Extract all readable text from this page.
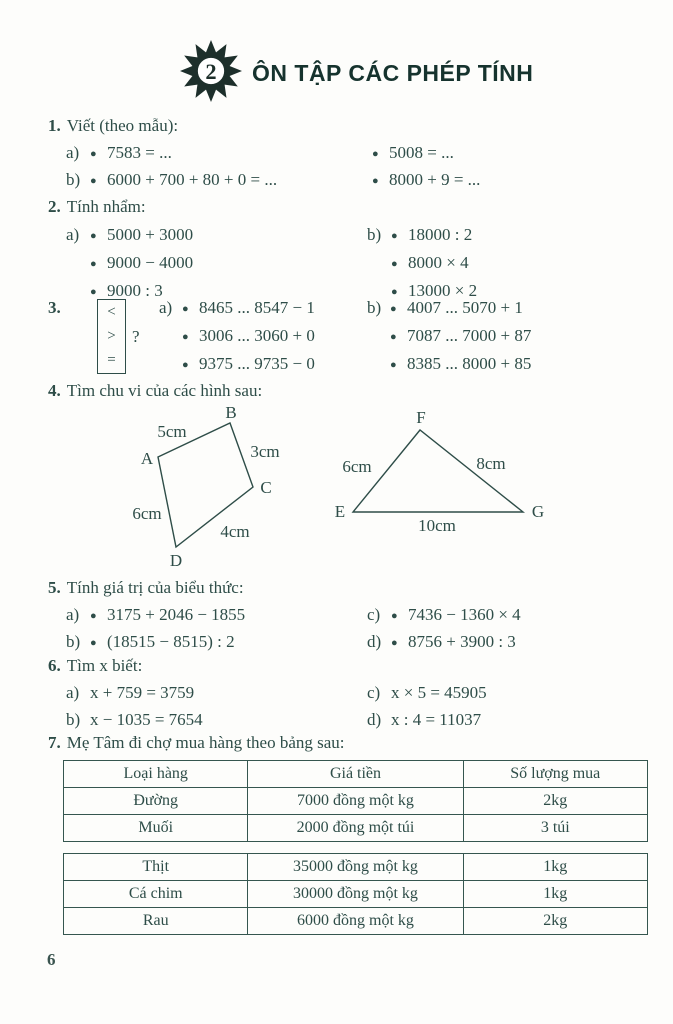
2 ÔN TẬP CÁC PHÉP TÍNH
1. Viết (theo mẫu):
a) ● 7583 = ...	● 5008 = ...
b) ● 6000 + 700 + 80 + 0 = ...	● 8000 + 9 = ...
2. Tính nhẩm:
a) ● 5000 + 3000	b) ● 18000 : 2
● 9000 − 4000	● 8000 × 4
● 9000 : 3	● 13000 × 2
3.	<
>
=
?
a) ● 8465 ... 8547 − 1
● 3006 ... 3060 + 0
● 9375 ... 9735 − 0
b) ● 4007 ... 5070 + 1
● 7087 ... 7000 + 87
● 8385 ... 8000 + 85
4. Tìm chu vi của các hình sau:
A
B
C
D
5cm
3cm
4cm
6cm
F
E	G
6cm	8cm
10cm
5. Tính giá trị của biểu thức:
a) ● 3175 + 2046 − 1855	c) ● 7436 − 1360 × 4
b) ● (18515 − 8515) : 2	d) ● 8756 + 3900 : 3
6. Tìm x biết:
a) x + 759 = 3759	c) x × 5 = 45905
b) x − 1035 = 7654	d) x : 4 = 11037
7. Mẹ Tâm đi chợ mua hàng theo bảng sau:
Loại hàng	Giá tiền	Số lượng mua
Đường	7000 đồng một kg	2kg
Muối	2000 đồng một túi	3 túi
Thịt	35000 đồng một kg	1kg
Cá chim	30000 đồng một kg	1kg
Rau	6000 đồng một kg	2kg
6
